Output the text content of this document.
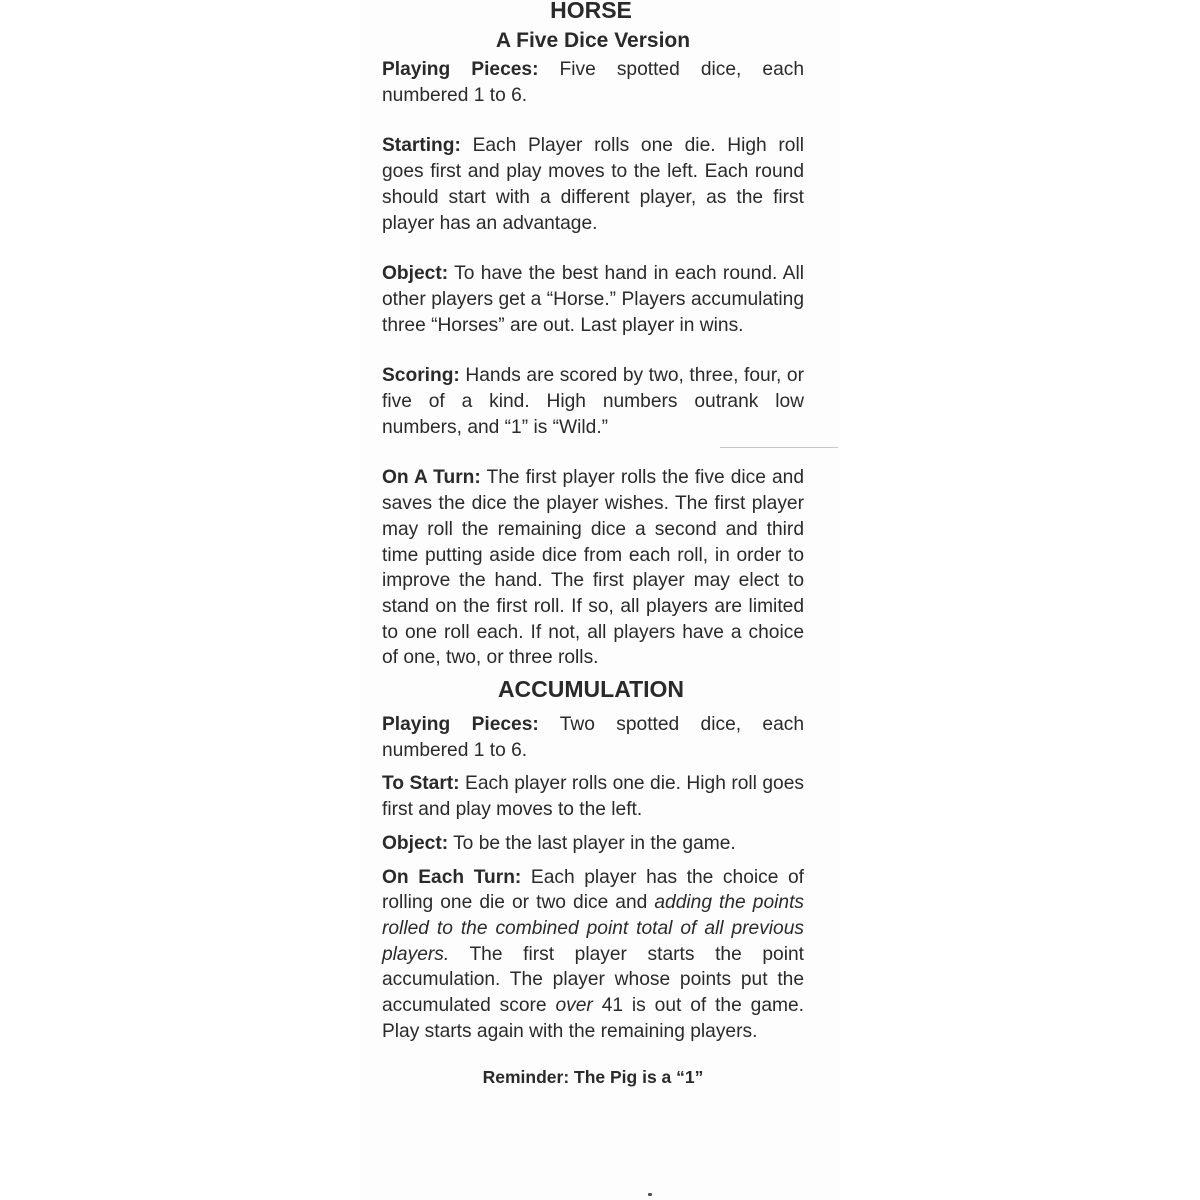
HORSE
A Five Dice Version

Playing Pieces: Five spotted dice, each numbered 1 to 6.

Starting: Each Player rolls one die. High roll goes first and play moves to the left. Each round should start with a different player, as the first player has an advantage.

Object: To have the best hand in each round. All other players get a “Horse.” Players accumulating three “Horses” are out. Last player in wins.

Scoring: Hands are scored by two, three, four, or five of a kind. High numbers outrank low numbers, and “1” is “Wild.”

On A Turn: The first player rolls the five dice and saves the dice the player wishes. The first player may roll the remaining dice a second and third time putting aside dice from each roll, in order to improve the hand. The first player may elect to stand on the first roll. If so, all players are limited to one roll each. If not, all players have a choice of one, two, or three rolls.

ACCUMULATION

Playing Pieces: Two spotted dice, each numbered 1 to 6.

To Start: Each player rolls one die. High roll goes first and play moves to the left.

Object: To be the last player in the game.

On Each Turn: Each player has the choice of rolling one die or two dice and adding the points rolled to the combined point total of all previous players. The first player starts the point accumulation. The player whose points put the accumulated score over 41 is out of the game. Play starts again with the remaining players.

Reminder: The Pig is a “1”
